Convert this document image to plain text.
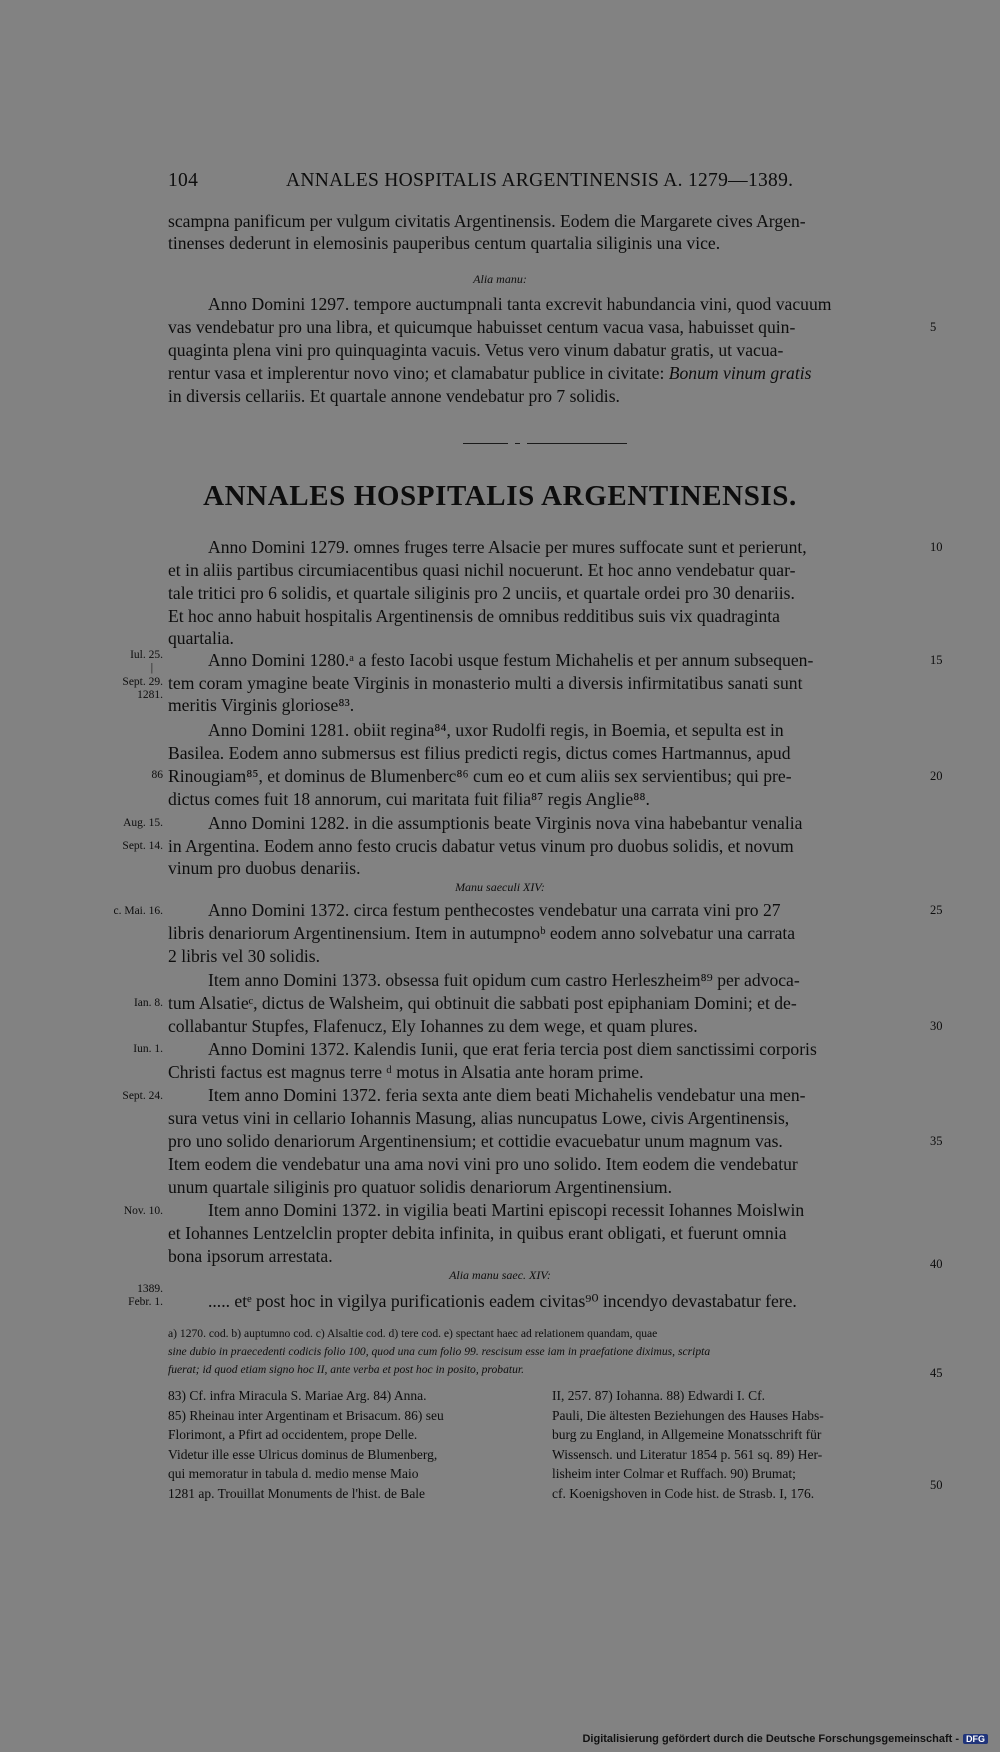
104	ANNALES HOSPITALIS ARGENTINENSIS A. 1279—1389.
scampna panificum per vulgum civitatis Argentinensis. Eodem die Margarete cives Argen-
tinenses dederunt in elemosinis pauperibus centum quartalia siliginis una vice.
Alia manu:
Anno Domini 1297. tempore auctumpnali tanta excrevit habundancia vini, quod vacuum
vas vendebatur pro una libra, et quicumque habuisset centum vacua vasa, habuisset quin-
quaginta plena vini pro quinquaginta vacuis. Vetus vero vinum dabatur gratis, ut vacua-
rentur vasa et implerentur novo vino; et clamabatur publice in civitate: Bonum vinum gratis
in diversis cellariis. Et quartale annone vendebatur pro 7 solidis.
ANNALES HOSPITALIS ARGENTINENSIS.
Anno Domini 1279. omnes fruges terre Alsacie per mures suffocate sunt et perierunt,
et in aliis partibus circumiacentibus quasi nichil nocuerunt. Et hoc anno vendebatur quar-
tale tritici pro 6 solidis, et quartale siliginis pro 2 unciis, et quartale ordei pro 30 denariis.
Et hoc anno habuit hospitalis Argentinensis de omnibus redditibus suis vix quadraginta
quartalia.
Anno Domini 1280.ᵃ a festo Iacobi usque festum Michahelis et per annum subsequen-
tem coram ymagine beate Virginis in monasterio multi a diversis infirmitatibus sanati sunt
meritis Virginis gloriose⁸³.
Anno Domini 1281. obiit regina⁸⁴, uxor Rudolfi regis, in Boemia, et sepulta est in
Basilea. Eodem anno submersus est filius predicti regis, dictus comes Hartmannus, apud
Rinougiam⁸⁵, et dominus de Blumenberc⁸⁶ cum eo et cum aliis sex servientibus; qui pre-
dictus comes fuit 18 annorum, cui maritata fuit filia⁸⁷ regis Anglie⁸⁸.
Anno Domini 1282. in die assumptionis beate Virginis nova vina habebantur venalia
in Argentina. Eodem anno festo crucis dabatur vetus vinum pro duobus solidis, et novum
vinum pro duobus denariis.
Manu saeculi XIV:
Anno Domini 1372. circa festum penthecostes vendebatur una carrata vini pro 27
libris denariorum Argentinensium. Item in autumpnoᵇ eodem anno solvebatur una carrata
2 libris vel 30 solidis.
Item anno Domini 1373. obsessa fuit opidum cum castro Herleszheim⁸⁹ per advoca-
tum Alsatieᶜ, dictus de Walsheim, qui obtinuit die sabbati post epiphaniam Domini; et de-
collabantur Stupfes, Flafenucz, Ely Iohannes zu dem wege, et quam plures.
Anno Domini 1372. Kalendis Iunii, que erat feria tercia post diem sanctissimi corporis
Christi factus est magnus terre ᵈ motus in Alsatia ante horam prime.
Item anno Domini 1372. feria sexta ante diem beati Michahelis vendebatur una men-
sura vetus vini in cellario Iohannis Masung, alias nuncupatus Lowe, civis Argentinensis,
pro uno solido denariorum Argentinensium; et cottidie evacuebatur unum magnum vas.
Item eodem die vendebatur una ama novi vini pro uno solido. Item eodem die vendebatur
unum quartale siliginis pro quatuor solidis denariorum Argentinensium.
Item anno Domini 1372. in vigilia beati Martini episcopi recessit Iohannes Moislwin
et Iohannes Lentzelclin propter debita infinita, in quibus erant obligati, et fuerunt omnia
bona ipsorum arrestata.
Alia manu saec. XIV:
..... etᵉ post hoc in vigilya purificationis eadem civitas⁹⁰ incendyo devastabatur fere.
Iul. 25.
|
Sept. 29.
1281.
86
Aug. 15.
Sept. 14.
c. Mai. 16.
Ian. 8.
Iun. 1.
Sept. 24.
Nov. 10.
1389.
Febr. 1.
5
10
15
20
25
30
35
40
45
50
a) 1270. cod. b) auptumno cod. c) Alsaltie cod. d) tere cod. e) spectant haec ad relationem quandam, quae
sine dubio in praecedenti codicis folio 100, quod una cum folio 99. rescisum esse iam in praefatione diximus, scripta
fuerat; id quod etiam signo hoc II, ante verba et post hoc in posito, probatur.
83) Cf. infra Miracula S. Mariae Arg. 84) Anna.
85) Rheinau inter Argentinam et Brisacum. 86) seu
Florimont, a Pfirt ad occidentem, prope Delle.
Videtur ille esse Ulricus dominus de Blumenberg,
qui memoratur in tabula d. medio mense Maio
1281 ap. Trouillat Monuments de l'hist. de Bale
II, 257. 87) Iohanna. 88) Edwardi I. Cf.
Pauli, Die ältesten Beziehungen des Hauses Habs-
burg zu England, in Allgemeine Monatsschrift für
Wissensch. und Literatur 1854 p. 561 sq. 89) Her-
lisheim inter Colmar et Ruffach. 90) Brumat;
cf. Koenigshoven in Code hist. de Strasb. I, 176.
Digitalisierung gefördert durch die Deutsche Forschungsgemeinschaft - DFG
